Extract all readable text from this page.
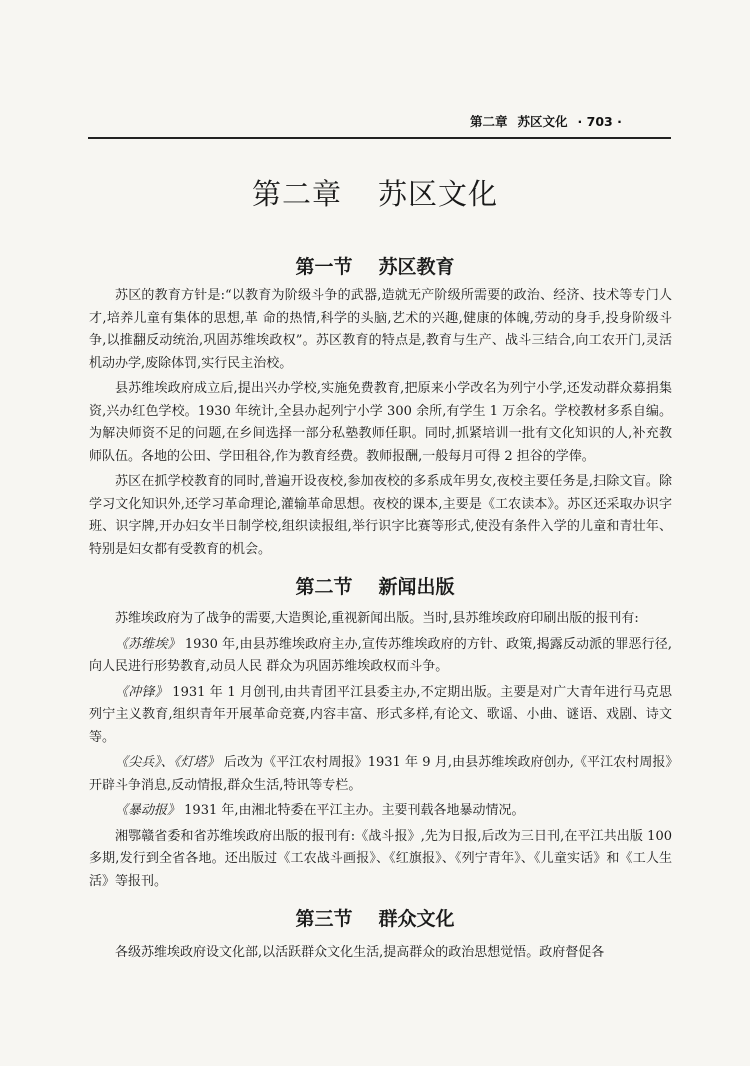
第二章 苏区文化 · 703 ·
第二章 苏区文化
第一节 苏区教育

苏区的教育方针是:“以教育为阶级斗争的武器,造就无产阶级所需要的政治、经济、技术等专门人才,培养儿童有集体的思想,革 命的热情,科学的头脑,艺术的兴趣,健康的体魄,劳动的身手,投身阶级斗争,以推翻反动统治,巩固苏维埃政权”。苏区教育的特点是,教育与生产、战斗三结合,向工农开门,灵活机动办学,废除体罚,实行民主治校。

县苏维埃政府成立后,提出兴办学校,实施免费教育,把原来小学改名为列宁小学,还发动群众募捐集资,兴办红色学校。1930 年统计,全县办起列宁小学 300 余所,有学生 1 万余名。学校教材多系自编。为解决师资不足的问题,在乡间选择一部分私塾教师任职。同时,抓紧培训一批有文化知识的人,补充教师队伍。各地的公田、学田租谷,作为教育经费。教师报酬,一般每月可得 2 担谷的学俸。

苏区在抓学校教育的同时,普遍开设夜校,参加夜校的多系成年男女,夜校主要任务是,扫除文盲。除学习文化知识外,还学习革命理论,灌输革命思想。夜校的课本,主要是《工农读本》。苏区还采取办识字班、识字牌,开办妇女半日制学校,组织读报组,举行识字比赛等形式,使没有条件入学的儿童和青壮年、特别是妇女都有受教育的机会。

第二节 新闻出版

苏维埃政府为了战争的需要,大造舆论,重视新闻出版。当时,县苏维埃政府印刷出版的报刊有:

《苏维埃》 1930 年,由县苏维埃政府主办,宣传苏维埃政府的方针、政策,揭露反动派的罪恶行径,向人民进行形势教育,动员人民 群众为巩固苏维埃政权而斗争。

《冲锋》 1931 年 1 月创刊,由共青团平江县委主办,不定期出版。主要是对广大青年进行马克思列宁主义教育,组织青年开展革命竞赛,内容丰富、形式多样,有论文、歌谣、小曲、谜语、戏剧、诗文等。

《尖兵》、《灯塔》 后改为《平江农村周报》1931 年 9 月,由县苏维埃政府创办,《平江农村周报》开辟斗争消息,反动情报,群众生活,特讯等专栏。

《暴动报》 1931 年,由湘北特委在平江主办。主要刊载各地暴动情况。

湘鄂赣省委和省苏维埃政府出版的报刊有:《战斗报》,先为日报,后改为三日刊,在平江共出版 100 多期,发行到全省各地。还出版过《工农战斗画报》、《红旗报》、《列宁青年》、《儿童实话》和《工人生活》等报刊。

第三节 群众文化

各级苏维埃政府设文化部,以活跃群众文化生活,提高群众的政治思想觉悟。政府督促各
